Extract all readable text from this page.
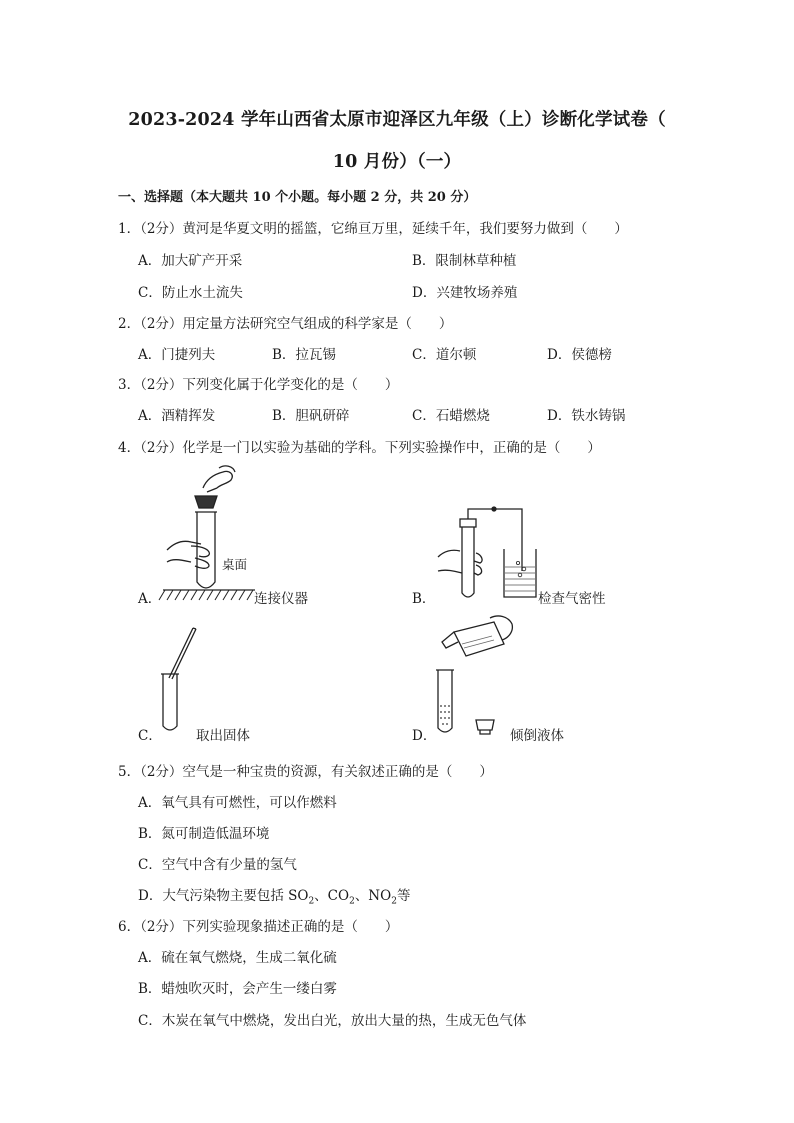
2023-2024 学年山西省太原市迎泽区九年级（上）诊断化学试卷（
10 月份）（一）
一、选择题（本大题共 10 个小题。每小题 2 分，共 20 分）
1．（2分）黄河是华夏文明的摇篮，它绵亘万里，延续千年，我们要努力做到（　　）
A．加大矿产开采	B．限制林草种植
C．防止水土流失	D．兴建牧场养殖
2．（2分）用定量方法研究空气组成的科学家是（　　）
A．门捷列夫	B．拉瓦锡	C．道尔顿	D．侯德榜
3．（2分）下列变化属于化学变化的是（　　）
A．酒精挥发	B．胆矾研碎	C．石蜡燃烧	D．铁水铸锅
4．（2分）化学是一门以实验为基础的学科。下列实验操作中，正确的是（　　）
桌面
A．	连接仪器	B．	检查气密性
C．	取出固体	D．	倾倒液体
5．（2分）空气是一种宝贵的资源，有关叙述正确的是（　　）
A．氧气具有可燃性，可以作燃料
B．氮可制造低温环境
C．空气中含有少量的氢气
D．大气污染物主要包括 $SO_2$、$CO_2$、$NO_2$等
6．（2分）下列实验现象描述正确的是（　　）
A．硫在氧气燃烧，生成二氧化硫
B．蜡烛吹灭时，会产生一缕白雾
C．木炭在氧气中燃烧，发出白光，放出大量的热，生成无色气体
